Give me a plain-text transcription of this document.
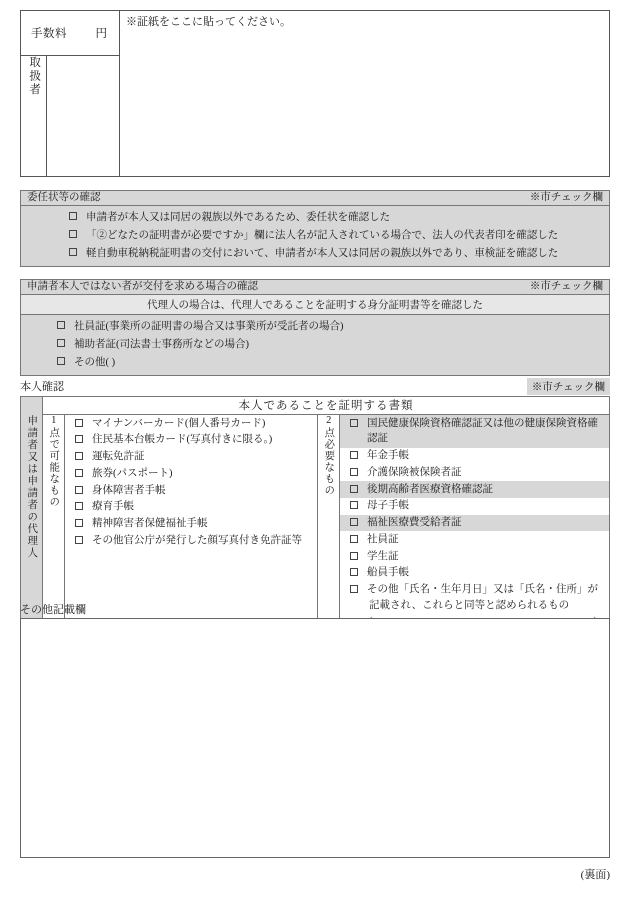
手数料 円		※証紙をここに貼ってください。

取扱者		
委任状等の確認	※市チェック欄
申請者が本人又は同居の親族以外であるため、委任状を確認した
「②どなたの証明書が必要ですか」欄に法人名が記入されている場合で、法人の代表者印を確認した
軽自動車税納税証明書の交付において、申請者が本人又は同居の親族以外であり、車検証を確認した
申請者本人ではない者が交付を求める場合の確認	※市チェック欄
代理人の場合は、代理人であることを証明する身分証明書等を確認した
社員証(事業所の証明書の場合又は事業所が受託者の場合)
補助者証(司法書士事務所などの場合)
その他( )
本人確認	※市チェック欄
	本人であることを証明する書類			
申請者又は申請者の代理人	1点で可能なもの	マイナンバーカード(個人番号カード)
住民基本台帳カード(写真付きに限る。)
運転免許証
旅券(パスポート)
身体障害者手帳
療育手帳
精神障害者保健福祉手帳
その他官公庁が発行した顔写真付き免許証等
	2点必要なもの	国民健康保険資格確認証又は他の健康保険資格確認証
年金手帳
介護保険被保険者証
後期高齢者医療資格確認証
母子手帳
福祉医療費受給者証
社員証
学生証
船員手帳
その他「氏名・生年月日」又は「氏名・住所」が
記載され、これらと同等と認められるもの
その他記載欄
(裏面)
